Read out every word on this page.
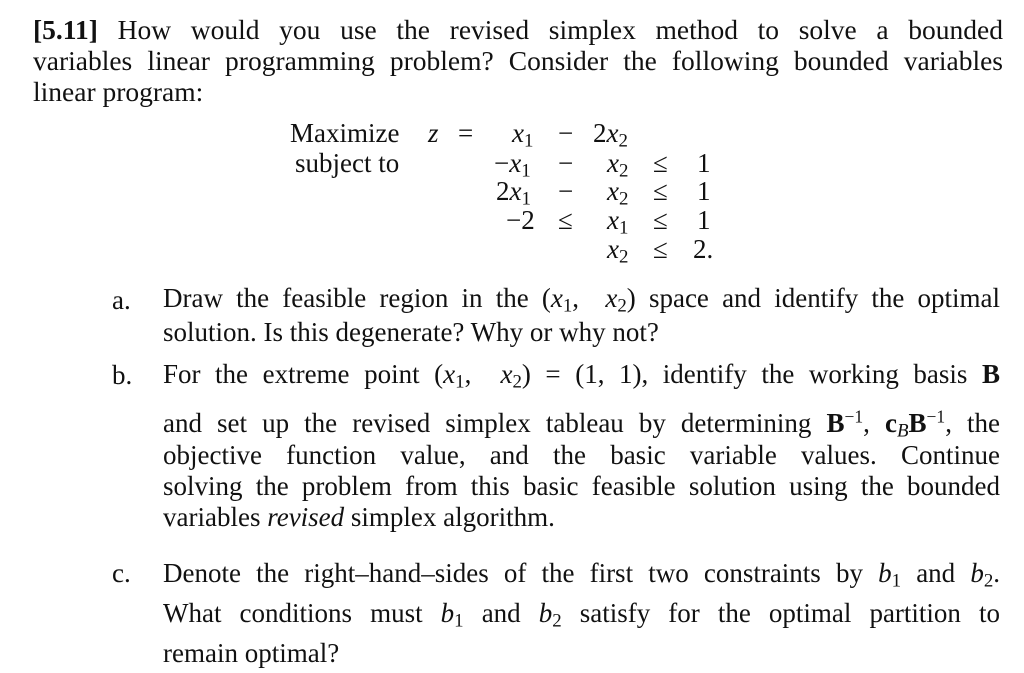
[5.11] How would you use the revised simplex method to solve a bounded
variables linear programming problem? Consider the following bounded variables
linear program:
Maximize $z = x_1 - 2x_2$
subject to	$-x_1 - x_2 \le 1$
$2x_1 - x_2 \le 1$
$-2 \le x_1 \le 1$
$x_2 \le 2$.
a. Draw the feasible region in the ($x_1$,  $x_2$) space and identify the optimal
solution. Is this degenerate? Why or why not?
b. For the extreme point ($x_1$,  $x_2) = (1$, 1), identify the working basis B
and set up the revised simplex tableau by determining $B^{-1}$, $c_BB^{-1}$, the
objective function value, and the basic variable values. Continue
solving the problem from this basic feasible solution using the bounded
variables revised simplex algorithm.
c. Denote the right–hand–sides of the first two constraints by $b_1$ and $b_2$.
What conditions must $b_1$ and $b_2$ satisfy for the optimal partition to
remain optimal?
